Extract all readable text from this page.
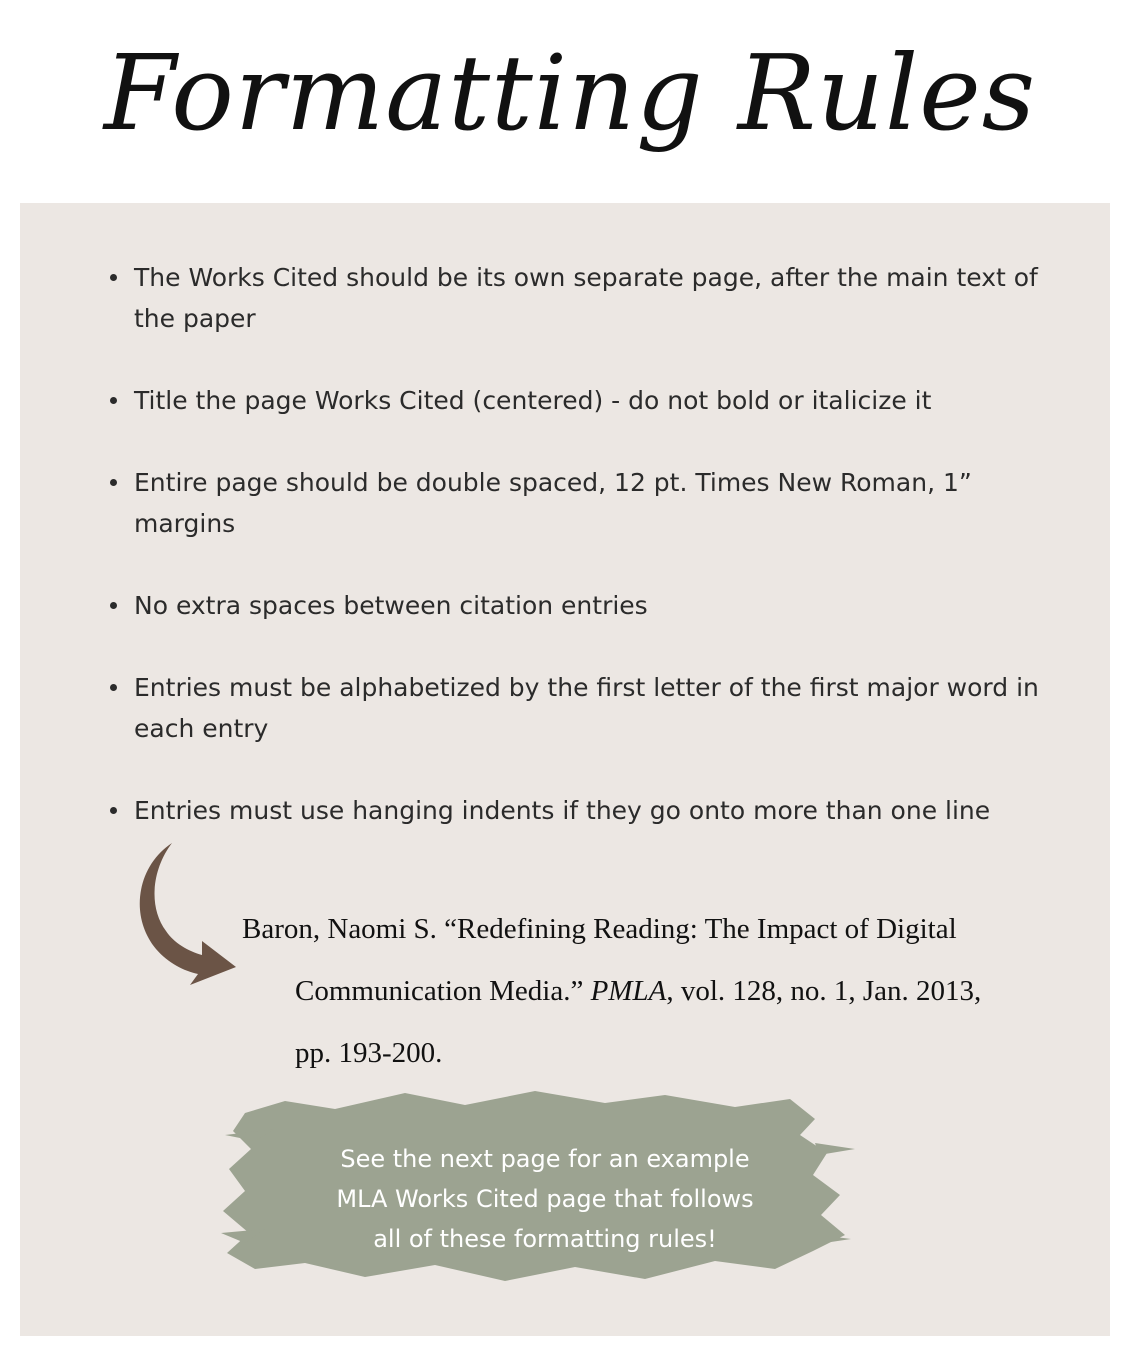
Formatting Rules
The Works Cited should be its own separate page, after the main text of the paper
Title the page Works Cited (centered) - do not bold or italicize it
Entire page should be double spaced, 12 pt. Times New Roman, 1” margins
No extra spaces between citation entries
Entries must be alphabetized by the first letter of the first major word in each entry
Entries must use hanging indents if they go onto more than one line

Baron, Naomi S. “Redefining Reading: The Impact of Digital Communication Media.” PMLA, vol. 128, no. 1, Jan. 2013, pp. 193-200.

See the next page for an example MLA Works Cited page that follows all of these formatting rules!
